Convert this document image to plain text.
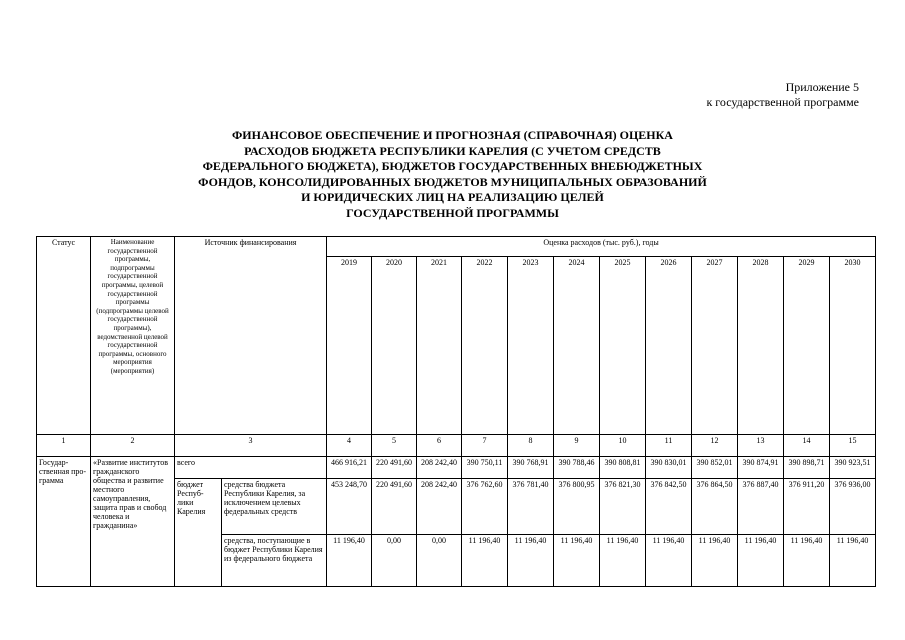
Приложение 5
к государственной программе
ФИНАНСОВОЕ ОБЕСПЕЧЕНИЕ И ПРОГНОЗНАЯ (СПРАВОЧНАЯ) ОЦЕНКА
РАСХОДОВ БЮДЖЕТА РЕСПУБЛИКИ КАРЕЛИЯ (С УЧЕТОМ СРЕДСТВ
ФЕДЕРАЛЬНОГО БЮДЖЕТА), БЮДЖЕТОВ ГОСУДАРСТВЕННЫХ ВНЕБЮДЖЕТНЫХ
ФОНДОВ, КОНСОЛИДИРОВАННЫХ БЮДЖЕТОВ МУНИЦИПАЛЬНЫХ ОБРАЗОВАНИЙ
И ЮРИДИЧЕСКИХ ЛИЦ НА РЕАЛИЗАЦИЮ ЦЕЛЕЙ
ГОСУДАРСТВЕННОЙ ПРОГРАММЫ
Статус	Наименование государственной программы, подпрограммы государственной программы, целевой государственной программы (подпрограммы целевой государственной программы), ведомственной целевой государственной программы, основного мероприятия (мероприятия)	Источник финансирования		Оценка расходов (тыс. руб.), годы											
				2019	2020	2021	2022	2023	2024	2025	2026	2027	2028	2029	2030
1	2	3		4	5	6	7	8	9	10	11	12	13	14	15
Государ-ственная про-грамма	«Развитие институтов гражданского общества и развитие местного самоуправления, защита прав и свобод человека и гражданина»	всего		466 916,21	220 491,60	208 242,40	390 750,11	390 768,91	390 788,46	390 808,81	390 830,01	390 852,01	390 874,91	390 898,71	390 923,51
		бюджет Респуб-лики Карелия	средства бюджета Республики Карелия, за исключением целевых федеральных средств	453 248,70	220 491,60	208 242,40	376 762,60	376 781,40	376 800,95	376 821,30	376 842,50	376 864,50	376 887,40	376 911,20	376 936,00
			средства, поступающие в бюджет Республики Карелия из федерального бюджета	11 196,40	0,00	0,00	11 196,40	11 196,40	11 196,40	11 196,40	11 196,40	11 196,40	11 196,40	11 196,40	11 196,40
